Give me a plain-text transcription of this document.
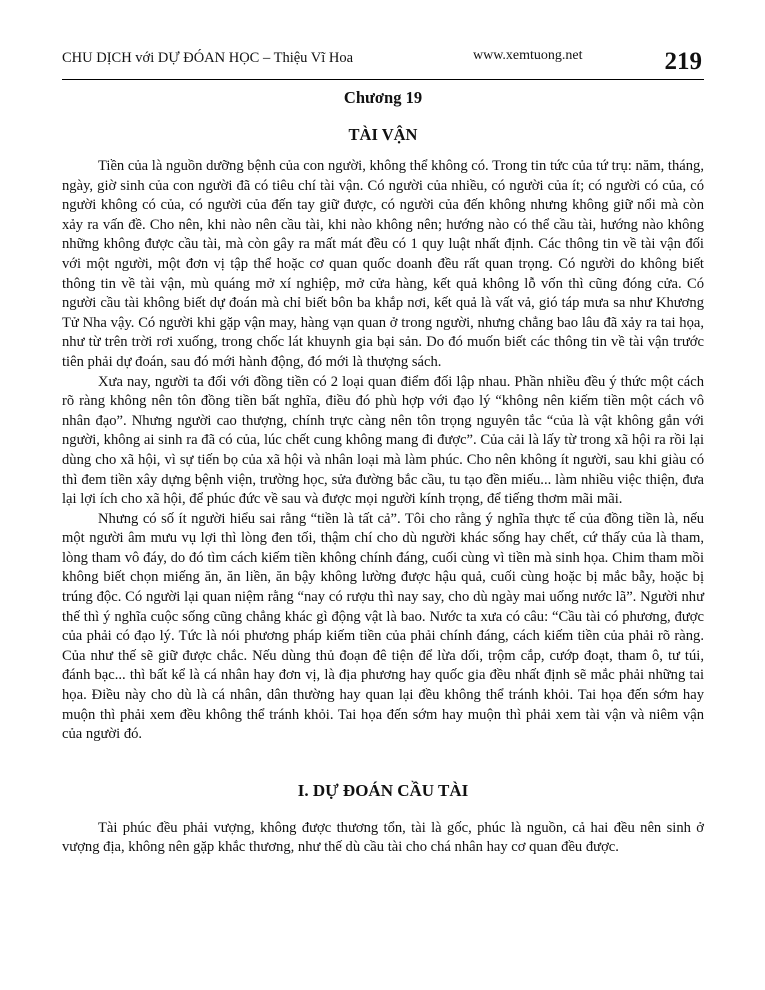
CHU DỊCH với DỰ ĐÓAN HỌC – Thiệu Vĩ Hoa	www.xemtuong.net	219
Chương 19
TÀI VẬN

Tiền của là nguồn dưỡng bệnh của con người, không thể không có. Trong tin tức của tứ trụ: năm, tháng, ngày, giờ sinh của con người đã có tiêu chí tài vận. Có người của nhiều, có người của ít; có người có của, có người không có của, có người của đến tay giữ được, có người của đến không nhưng không giữ nổi mà còn xảy ra vấn đề. Cho nên, khi nào nên cầu tài, khi nào không nên; hướng nào có thể cầu tài, hướng nào không những không được cầu tài, mà còn gây ra mất mát đều có 1 quy luật nhất định. Các thông tin về tài vận đối với một người, một đơn vị tập thể hoặc cơ quan quốc doanh đều rất quan trọng. Có người do không biết thông tin về tài vận, mù quáng mở xí nghiệp, mở cửa hàng, kết quả không lỗ vốn thì cũng đóng cửa. Có người cầu tài không biết dự đoán mà chỉ biết bôn ba khắp nơi, kết quả là vất vả, gió táp mưa sa như Khương Tử Nha vậy. Có người khi gặp vận may, hàng vạn quan ở trong người, nhưng chẳng bao lâu đã xảy ra tai họa, như từ trên trời rơi xuống, trong chốc lát khuynh gia bại sản. Do đó muốn biết các thông tin về tài vận trước tiên phải dự đoán, sau đó mới hành động, đó mới là thượng sách.

Xưa nay, người ta đối với đồng tiền có 2 loại quan điểm đối lập nhau. Phần nhiều đều ý thức một cách rõ ràng không nên tôn đồng tiền bất nghĩa, điều đó phù hợp với đạo lý “không nên kiếm tiền một cách vô nhân đạo”. Nhưng người cao thượng, chính trực càng nên tôn trọng nguyên tắc “của là vật không gắn với người, không ai sinh ra đã có của, lúc chết cung không mang đi được”. Của cải là lấy từ trong xã hội ra rồi lại dùng cho xã hội, vì sự tiến bọ của xã hội và nhân loại mà làm phúc. Cho nên không ít người, sau khi giàu có thì đem tiền xây dựng bệnh viện, trường học, sửa đường bắc cầu, tu tạo đền miếu... làm nhiều việc thiện, đưa lại lợi ích cho xã hội, để phúc đức về sau và được mọi người kính trọng, để tiếng thơm mãi mãi.

Nhưng có số ít người hiểu sai rằng “tiền là tất cả”. Tôi cho rằng ý nghĩa thực tế của đồng tiền là, nếu một người âm mưu vụ lợi thì lòng đen tối, thậm chí cho dù người khác sống hay chết, cứ thấy của là tham, lòng tham vô đáy, do đó tìm cách kiếm tiền không chính đáng, cuối cùng vì tiền mà sinh họa. Chim tham mồi không biết chọn miếng ăn, ăn liền, ăn bậy không lường được hậu quả, cuối cùng hoặc bị mắc bẫy, hoặc bị trúng độc. Có người lại quan niệm rằng “nay có rượu thì nay say, cho dù ngày mai uống nước lã”. Người như thế thì ý nghĩa cuộc sống cũng chẳng khác gì động vật là bao. Nước ta xưa có câu: “Cầu tài có phương, được của phải có đạo lý. Tức là nói phương pháp kiếm tiền của phải chính đáng, cách kiếm tiền của phải rõ ràng. Của như thế sẽ giữ được chắc. Nếu dùng thủ đoạn đê tiện để lừa dối, trộm cắp, cướp đoạt, tham ô, tư túi, đánh bạc... thì bất kể là cá nhân hay đơn vị, là địa phương hay quốc gia đều nhất định sẽ mắc phải những tai họa. Điều này cho dù là cá nhân, dân thường hay quan lại đều không thể tránh khỏi. Tai họa đến sớm hay muộn thì phải xem đều không thể tránh khỏi. Tai họa đến sớm hay muộn thì phải xem tài vận và niêm vận của người đó.

I. DỰ ĐOÁN CẦU TÀI

Tài phúc đều phải vượng, không được thương tổn, tài là gốc, phúc là nguồn, cả hai đều nên sinh ở vượng địa, không nên gặp khắc thương, như thế dù cầu tài cho chá nhân hay cơ quan đều được.
